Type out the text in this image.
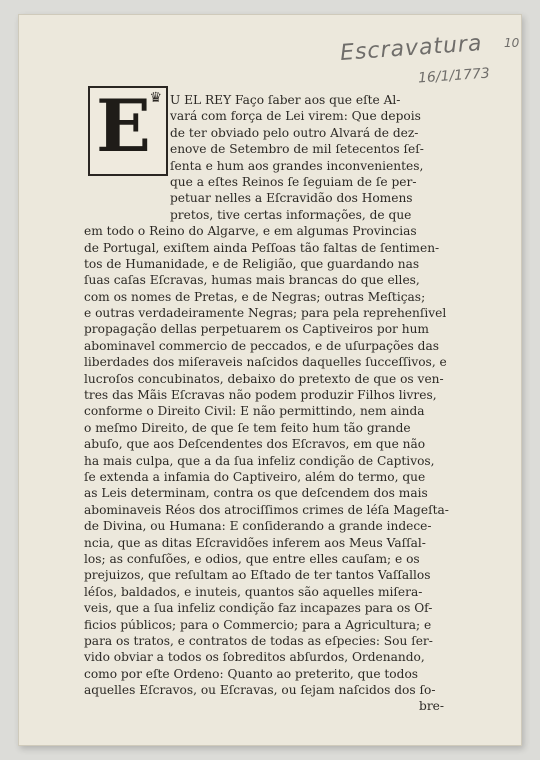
Escravatura
16/1/1773
10
E
♛ U EL REY Faço ſaber aos que eſte Al-
vará com força de Lei virem: Que depois
de ter obviado pelo outro Alvará de dez-
enove de Setembro de mil ſetecentos ſeſ-
ſenta e hum aos grandes inconvenientes,
que a eſtes Reinos ſe ſeguiam de ſe per-
petuar nelles a Eſcravidão dos Homens
pretos, tive certas informações, de que
em todo o Reino do Algarve, e em algumas Provincias
de Portugal, exiſtem ainda Peſſoas tão faltas de ſentimen-
tos de Humanidade, e de Religião, que guardando nas
ſuas caſas Eſcravas, humas mais brancas do que elles,
com os nomes de Pretas, e de Negras; outras Meſtiças;
e outras verdadeiramente Negras; para pela reprehenſivel
propagação dellas perpetuarem os Captiveiros por hum
abominavel commercio de peccados, e de uſurpações das
liberdades dos miſeraveis naſcidos daquelles ſucceſſivos, e
lucroſos concubinatos, debaixo do pretexto de que os ven-
tres das Mãis Eſcravas não podem produzir Filhos livres,
conforme o Direito Civil: E não permittindo, nem ainda
o meſmo Direito, de que ſe tem feito hum tão grande
abuſo, que aos Deſcendentes dos Eſcravos, em que não
ha mais culpa, que a da ſua infeliz condição de Captivos,
ſe extenda a infamia do Captiveiro, além do termo, que
as Leis determinam, contra os que deſcendem dos mais
abominaveis Réos dos atrociſſimos crimes de léſa Mageſta-
de Divina, ou Humana: E conſiderando a grande indece-
ncia, que as ditas Eſcravidões inferem aos Meus Vaſſal-
los; as confuſões, e odios, que entre elles cauſam; e os
prejuizos, que reſultam ao Eſtado de ter tantos Vaſſallos
léſos, baldados, e inuteis, quantos são aquelles miſera-
veis, que a ſua infeliz condição faz incapazes para os Of-
ficios públicos; para o Commercio; para a Agricultura; e
para os tratos, e contratos de todas as eſpecies: Sou ſer-
vido obviar a todos os ſobreditos abſurdos, Ordenando,
como por eſte Ordeno: Quanto ao preterito, que todos
aquelles Eſcravos, ou Eſcravas, ou ſejam naſcidos dos ſo-
bre-
